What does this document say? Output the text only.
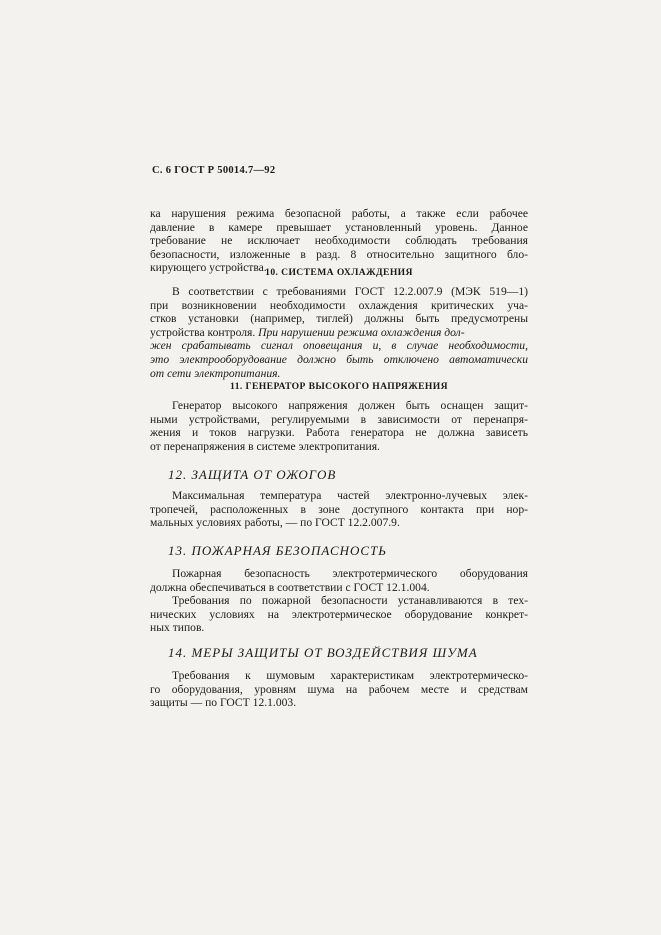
С. 6 ГОСТ Р 50014.7—92
ка нарушения режима безопасной работы, а также если рабочее
давление в камере превышает установленный уровень. Данное
требование не исключает необходимости соблюдать требования
безопасности, изложенные в разд. 8 относительно защитного бло-
кирующего устройства.
10. СИСТЕМА ОХЛАЖДЕНИЯ
В соответствии с требованиями ГОСТ 12.2.007.9 (МЭК 519—1)
при возникновении необходимости охлаждения критических уча-
стков установки (например, тиглей) должны быть предусмотрены
устройства контроля. При нарушении режима охлаждения дол-
жен срабатывать сигнал оповещания и, в случае необходимости,
это электрооборудование должно быть отключено автоматически
от сети электропитания.
11. ГЕНЕРАТОР ВЫСОКОГО НАПРЯЖЕНИЯ
Генератор высокого напряжения должен быть оснащен защит-
ными устройствами, регулируемыми в зависимости от перенапря-
жения и токов нагрузки. Работа генератора не должна зависеть
от перенапряжения в системе электропитания.
12. ЗАЩИТА ОТ ОЖОГОВ
Максимальная температура частей электронно-лучевых элек-
тропечей, расположенных в зоне доступного контакта при нор-
мальных условиях работы, — по ГОСТ 12.2.007.9.
13. ПОЖАРНАЯ БЕЗОПАСНОСТЬ
Пожарная безопасность электротермического оборудования
должна обеспечиваться в соответствии с ГОСТ 12.1.004.
Требования по пожарной безопасности устанавливаются в тех-
нических условиях на электротермическое оборудование конкрет-
ных типов.
14. МЕРЫ ЗАЩИТЫ ОТ ВОЗДЕЙСТВИЯ ШУМА
Требования к шумовым характеристикам электротермическо-
го оборудования, уровням шума на рабочем месте и средствам
защиты — по ГОСТ 12.1.003.
